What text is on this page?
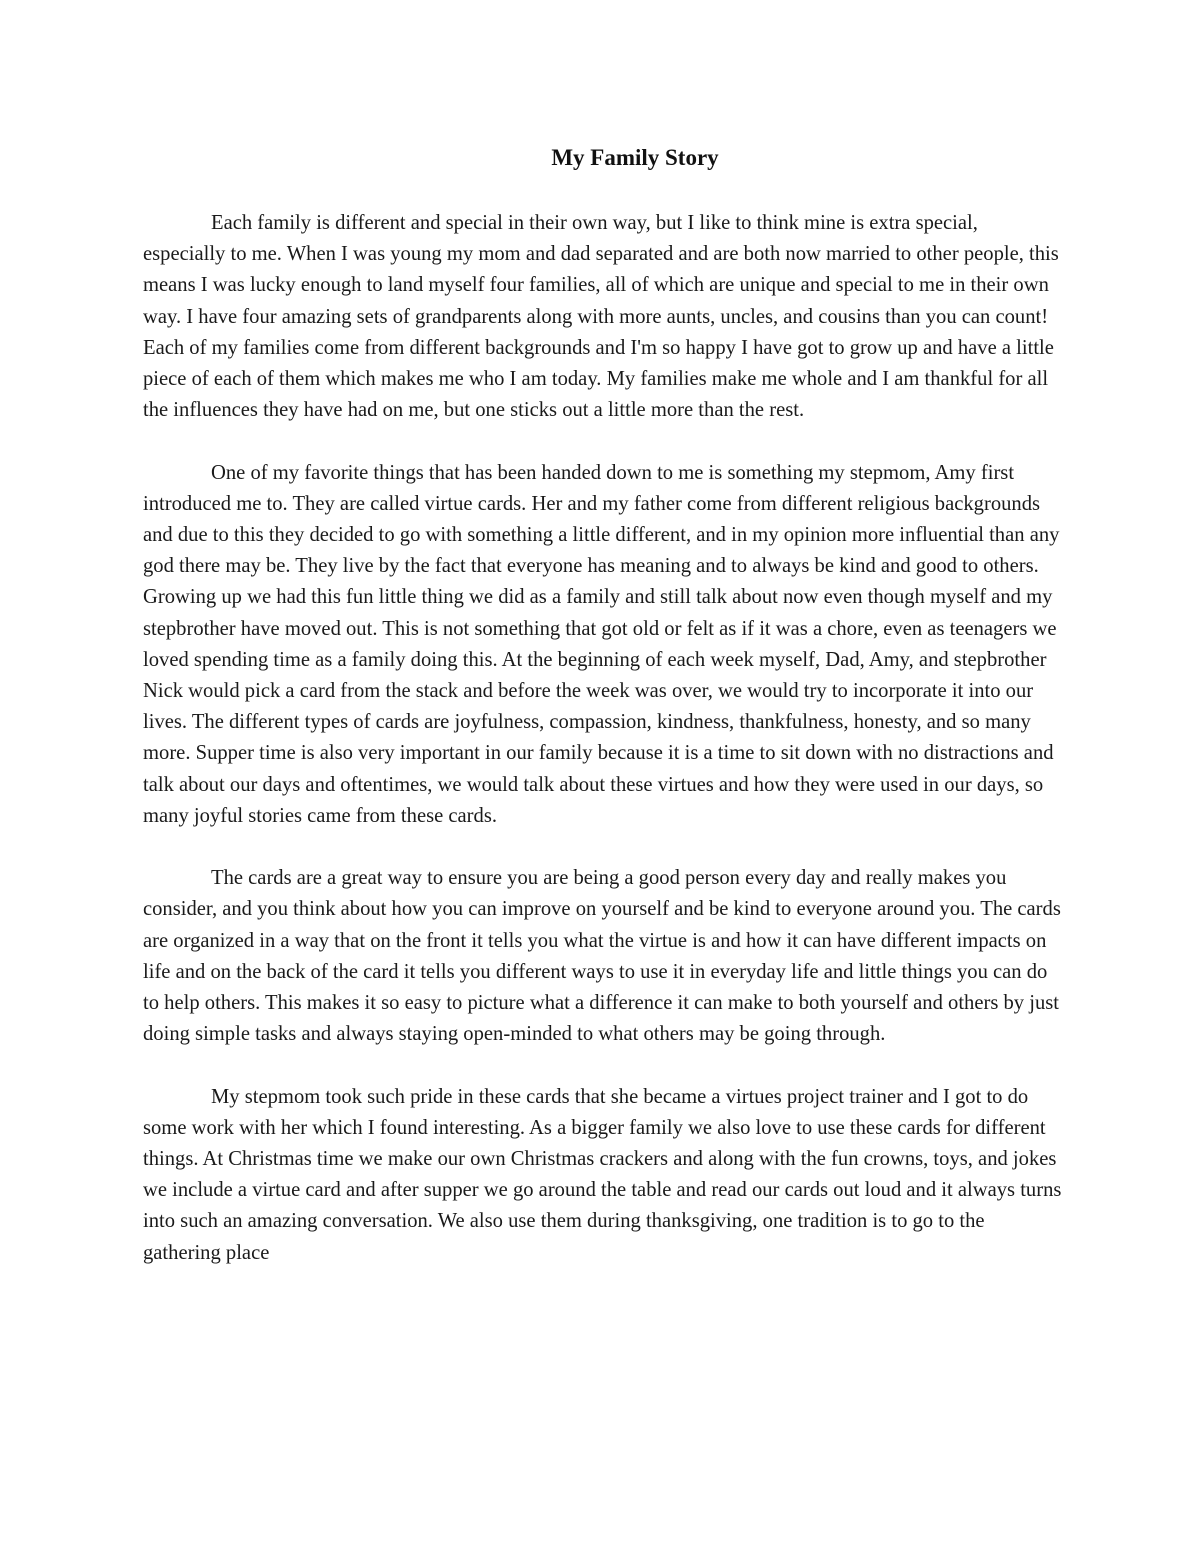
My Family Story

Each family is different and special in their own way, but I like to think mine is extra special, especially to me. When I was young my mom and dad separated and are both now married to other people, this means I was lucky enough to land myself four families, all of which are unique and special to me in their own way. I have four amazing sets of grandparents along with more aunts, uncles, and cousins than you can count! Each of my families come from different backgrounds and I'm so happy I have got to grow up and have a little piece of each of them which makes me who I am today. My families make me whole and I am thankful for all the influences they have had on me, but one sticks out a little more than the rest.

One of my favorite things that has been handed down to me is something my stepmom, Amy first introduced me to. They are called virtue cards. Her and my father come from different religious backgrounds and due to this they decided to go with something a little different, and in my opinion more influential than any god there may be. They live by the fact that everyone has meaning and to always be kind and good to others. Growing up we had this fun little thing we did as a family and still talk about now even though myself and my stepbrother have moved out. This is not something that got old or felt as if it was a chore, even as teenagers we loved spending time as a family doing this. At the beginning of each week myself, Dad, Amy, and stepbrother Nick would pick a card from the stack and before the week was over, we would try to incorporate it into our lives. The different types of cards are joyfulness, compassion, kindness, thankfulness, honesty, and so many more. Supper time is also very important in our family because it is a time to sit down with no distractions and talk about our days and oftentimes, we would talk about these virtues and how they were used in our days, so many joyful stories came from these cards.

The cards are a great way to ensure you are being a good person every day and really makes you consider, and you think about how you can improve on yourself and be kind to everyone around you. The cards are organized in a way that on the front it tells you what the virtue is and how it can have different impacts on life and on the back of the card it tells you different ways to use it in everyday life and little things you can do to help others. This makes it so easy to picture what a difference it can make to both yourself and others by just doing simple tasks and always staying open-minded to what others may be going through.

My stepmom took such pride in these cards that she became a virtues project trainer and I got to do some work with her which I found interesting. As a bigger family we also love to use these cards for different things. At Christmas time we make our own Christmas crackers and along with the fun crowns, toys, and jokes we include a virtue card and after supper we go around the table and read our cards out loud and it always turns into such an amazing conversation. We also use them during thanksgiving, one tradition is to go to the gathering place
